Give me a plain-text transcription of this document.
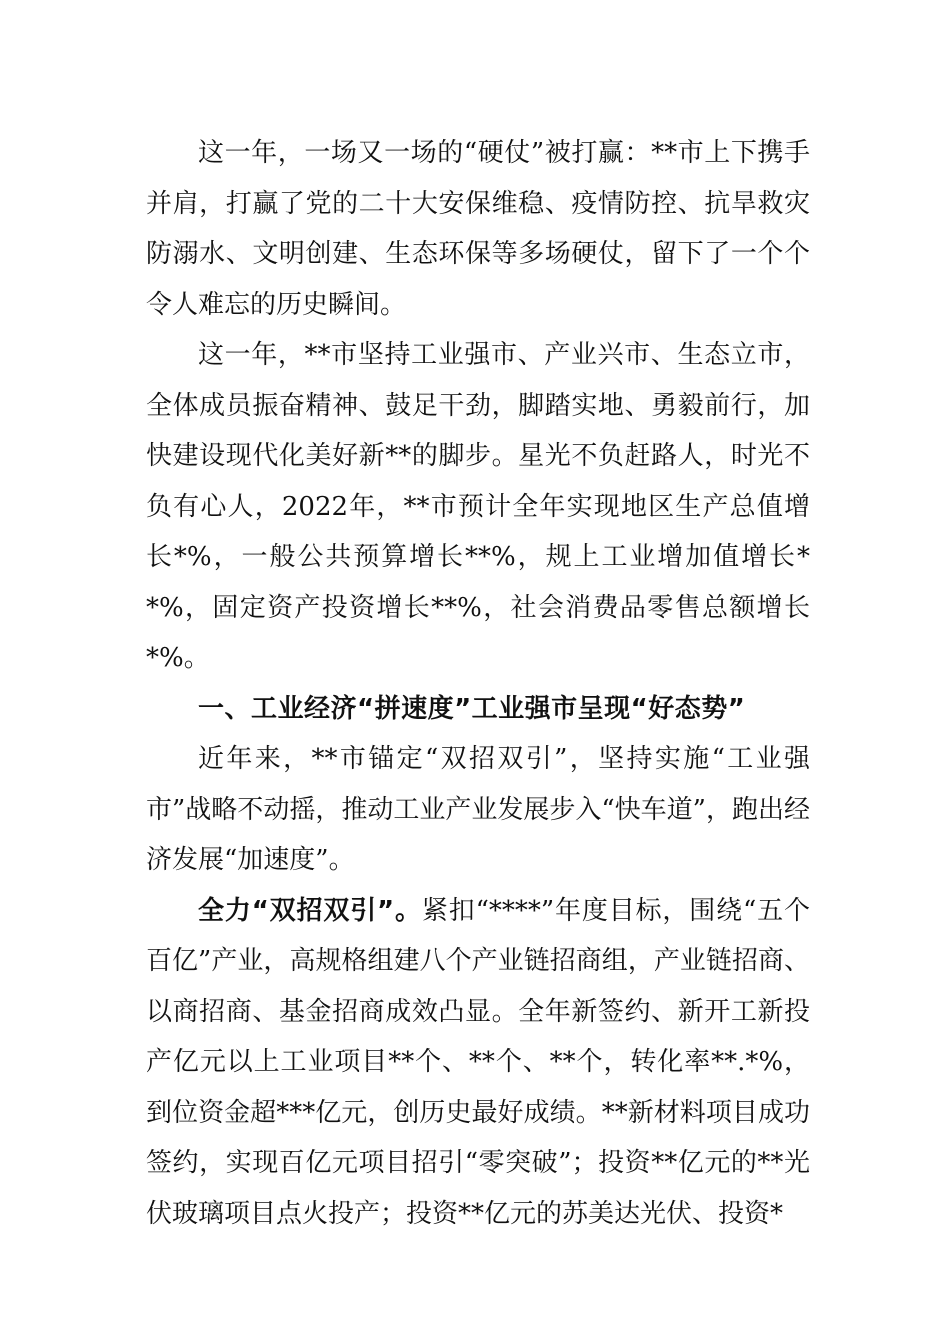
这一年，一场又一场的“硬仗”被打赢：**市上下携手并肩，打赢了党的二十大安保维稳、疫情防控、抗旱救灾防溺水、文明创建、生态环保等多场硬仗，留下了一个个令人难忘的历史瞬间。

这一年，**市坚持工业强市、产业兴市、生态立市，全体成员振奋精神、鼓足干劲，脚踏实地、勇毅前行，加快建设现代化美好新**的脚步。星光不负赶路人，时光不负有心人，2022年，**市预计全年实现地区生产总值增长*%，一般公共预算增长**%，规上工业增加值增长**%，固定资产投资增长**%，社会消费品零售总额增长*%。

一、工业经济“拼速度”工业强市呈现“好态势”

近年来，**市锚定“双招双引”，坚持实施“工业强市”战略不动摇，推动工业产业发展步入“快车道”，跑出经济发展“加速度”。

全力“双招双引”。紧扣“****”年度目标，围绕“五个百亿”产业，高规格组建八个产业链招商组，产业链招商、以商招商、基金招商成效凸显。全年新签约、新开工新投产亿元以上工业项目**个、**个、**个，转化率**.*%，到位资金超***亿元，创历史最好成绩。**新材料项目成功签约，实现百亿元项目招引“零突破”；投资**亿元的**光伏玻璃项目点火投产；投资**亿元的苏美达光伏、投资*
